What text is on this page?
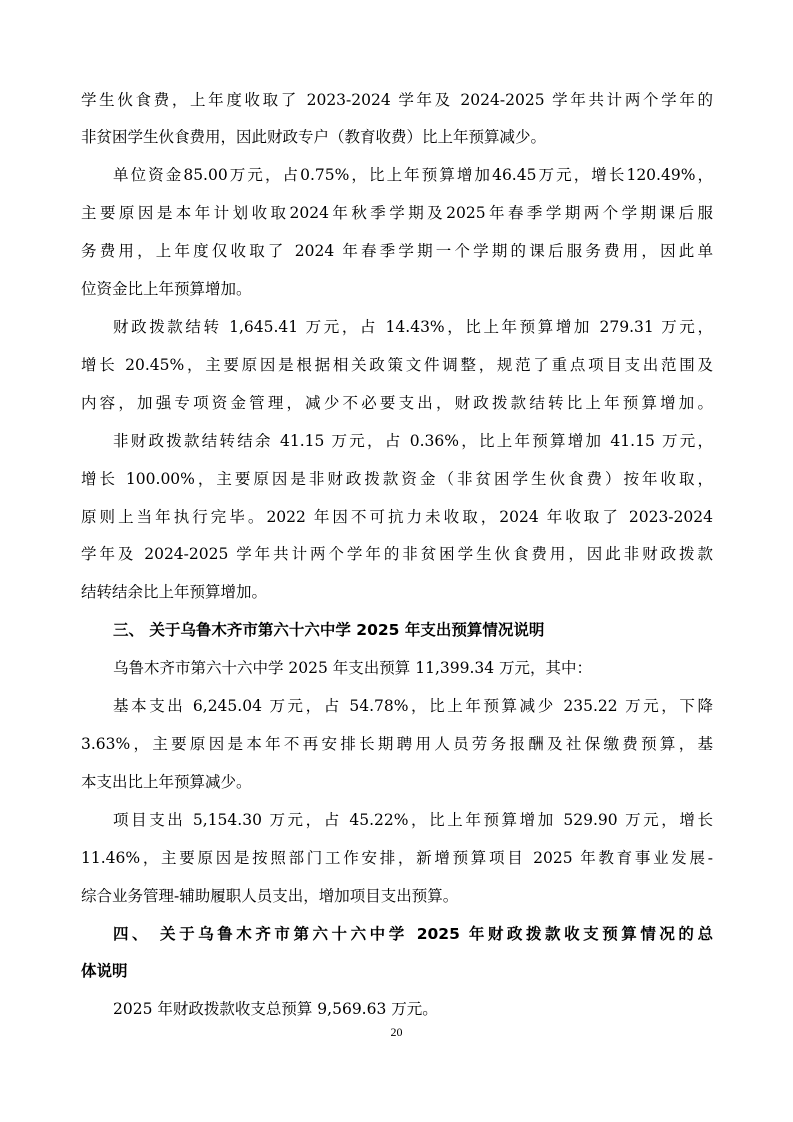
学生伙食费，上年度收取了 2023-2024 学年及 2024-2025 学年共计两个学年的
非贫困学生伙食费用，因此财政专户（教育收费）比上年预算减少。
单位资金85.00万元，占0.75%，比上年预算增加46.45万元，增长120.49%，
主要原因是本年计划收取2024年秋季学期及2025年春季学期两个学期课后服
务费用，上年度仅收取了 2024 年春季学期一个学期的课后服务费用，因此单
位资金比上年预算增加。
财政拨款结转 1,645.41 万元，占 14.43%，比上年预算增加 279.31 万元，
增长 20.45%，主要原因是根据相关政策文件调整，规范了重点项目支出范围及
内容，加强专项资金管理，减少不必要支出，财政拨款结转比上年预算增加。
非财政拨款结转结余 41.15 万元，占 0.36%，比上年预算增加 41.15 万元，
增长 100.00%，主要原因是非财政拨款资金（非贫困学生伙食费）按年收取，
原则上当年执行完毕。2022 年因不可抗力未收取，2024 年收取了 2023-2024
学年及 2024-2025 学年共计两个学年的非贫困学生伙食费用，因此非财政拨款
结转结余比上年预算增加。
三、 关于乌鲁木齐市第六十六中学 2025 年支出预算情况说明
乌鲁木齐市第六十六中学 2025 年支出预算 11,399.34 万元，其中：
基本支出 6,245.04 万元，占 54.78%，比上年预算减少 235.22 万元，下降
3.63%，主要原因是本年不再安排长期聘用人员劳务报酬及社保缴费预算，基
本支出比上年预算减少。
项目支出 5,154.30 万元，占 45.22%，比上年预算增加 529.90 万元，增长
11.46%，主要原因是按照部门工作安排，新增预算项目 2025 年教育事业发展-
综合业务管理-辅助履职人员支出，增加项目支出预算。
四、 关于乌鲁木齐市第六十六中学 2025 年财政拨款收支预算情况的总
体说明
2025 年财政拨款收支总预算 9,569.63 万元。
20
